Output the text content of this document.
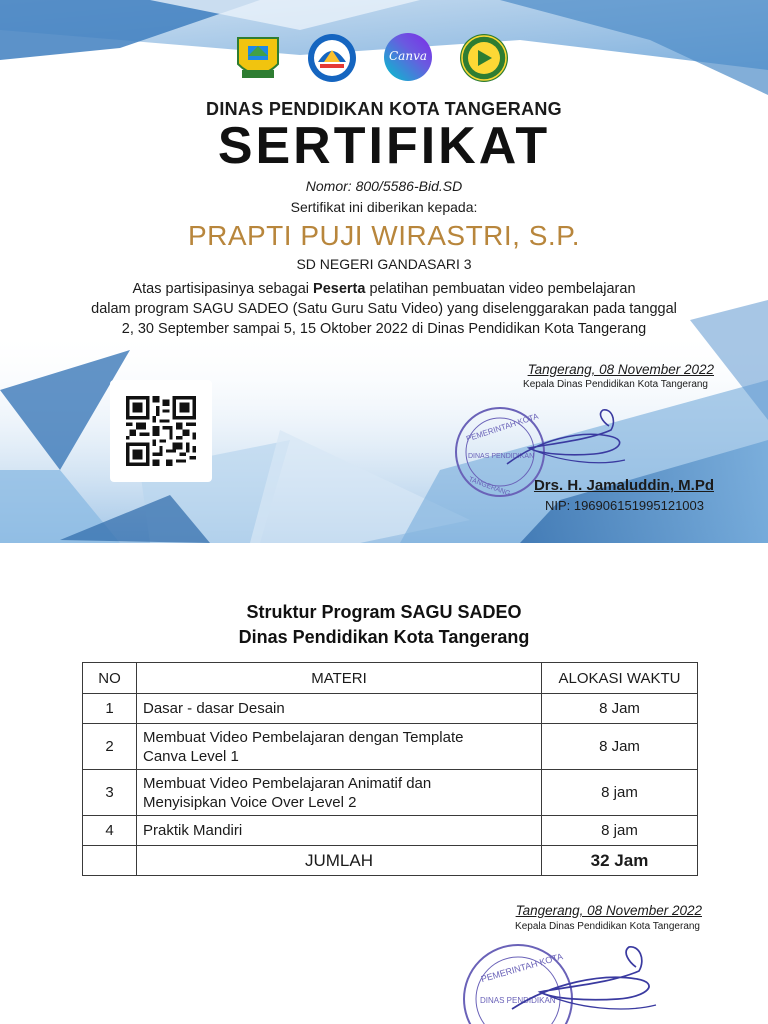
Canva
DINAS PENDIDIKAN KOTA TANGERANG
SERTIFIKAT
Nomor: 800/5586-Bid.SD
Sertifikat ini diberikan kepada:
PRAPTI PUJI WIRASTRI, S.P.
SD NEGERI GANDASARI 3
Atas partisipasinya sebagai Peserta pelatihan pembuatan video pembelajaran
dalam program SAGU SADEO (Satu Guru Satu Video) yang diselenggarakan pada tanggal
2, 30 September sampai 5, 15 Oktober 2022 di Dinas Pendidikan Kota Tangerang
PEMERINTAH KOTA
DINAS PENDIDIKAN
TANGERANG
Tangerang, 08 November 2022
Kepala Dinas Pendidikan Kota Tangerang
Drs. H. Jamaluddin, M.Pd
NIP: 196906151995121003
Struktur Program SAGU SADEO
Dinas Pendidikan Kota Tangerang
NO	MATERI	ALOKASI WAKTU
1	Dasar - dasar Desain	8 Jam
2	Membuat Video Pembelajaran dengan Template
Canva Level 1	8 Jam
3	Membuat Video Pembelajaran Animatif dan
Menyisipkan Voice Over Level 2	8 jam
4	Praktik Mandiri	8 jam
	JUMLAH	32 Jam
Tangerang, 08 November 2022
Kepala Dinas Pendidikan Kota Tangerang
PEMERINTAH KOTA
DINAS PENDIDIKAN
